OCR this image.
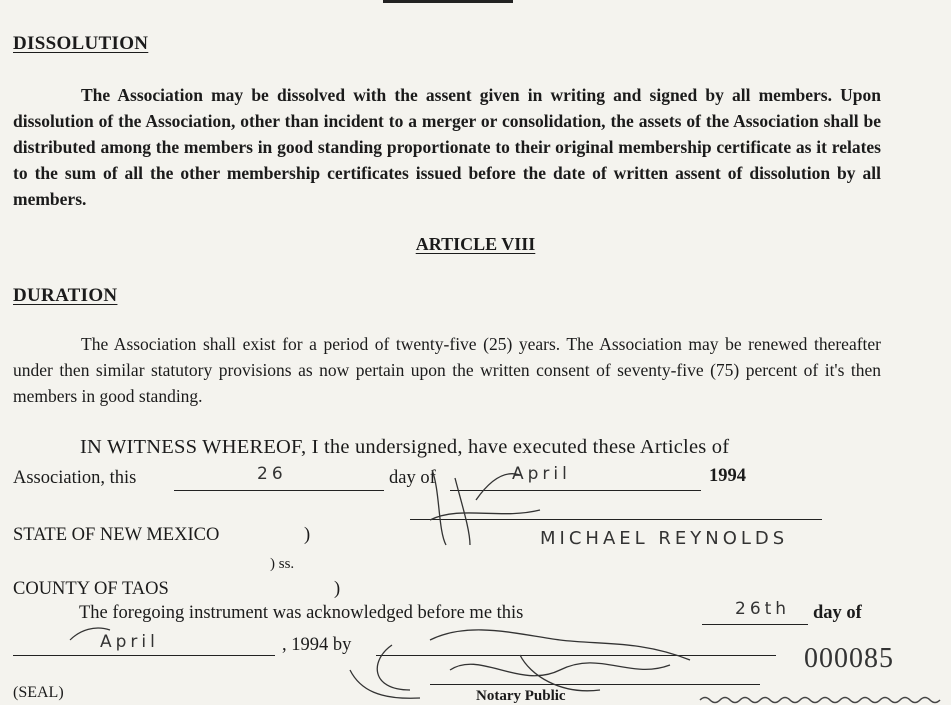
DISSOLUTION
The Association may be dissolved with the assent given in writing and signed by all members. Upon dissolution of the Association, other than incident to a merger or consolidation, the assets of the Association shall be distributed among the members in good standing proportionate to their original membership certificate as it relates to the sum of all the other membership certificates issued before the date of written assent of dissolution by all members.
ARTICLE VIII
DURATION
The Association shall exist for a period of twenty-five (25) years. The Association may be renewed thereafter under then similar statutory provisions as now pertain upon the written consent of seventy-five (75) percent of it's then members in good standing.
IN WITNESS WHEREOF, I the undersigned, have executed these Articles of
Association, this	26	day of	April	1994
MICHAEL REYNOLDS
STATE OF NEW MEXICO	)
) ss.
COUNTY OF TAOS	)
The foregoing instrument was acknowledged before me this	26th day of
April	, 1994 by	000085
Notary Public
(SEAL)
